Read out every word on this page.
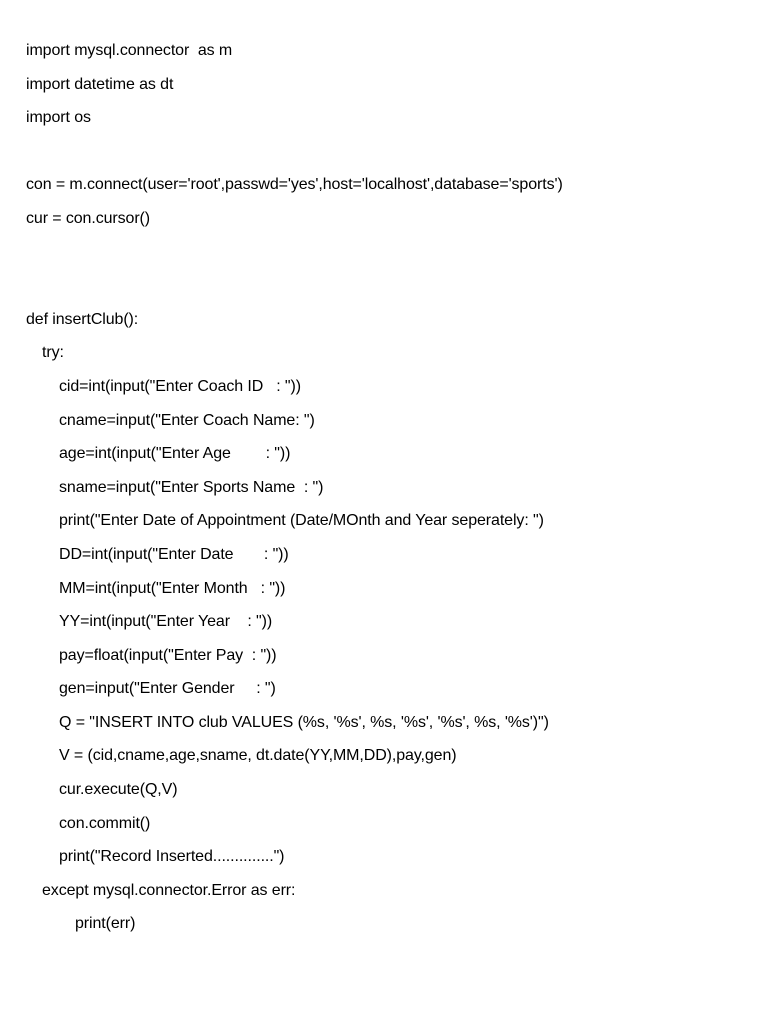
import mysql.connector  as m
import datetime as dt
import os
con = m.connect(user='root',passwd='yes',host='localhost',database='sports')
cur = con.cursor()
def insertClub():
try:
cid=int(input("Enter Coach ID   : "))
cname=input("Enter Coach Name: ")
age=int(input("Enter Age        : "))
sname=input("Enter Sports Name  : ")
print("Enter Date of Appointment (Date/MOnth and Year seperately: ")
DD=int(input("Enter Date       : "))
MM=int(input("Enter Month   : "))
YY=int(input("Enter Year    : "))
pay=float(input("Enter Pay  : "))
gen=input("Enter Gender     : ")
Q = "INSERT INTO club VALUES (%s, '%s', %s, '%s', '%s', %s, '%s')")
V = (cid,cname,age,sname, dt.date(YY,MM,DD),pay,gen)
cur.execute(Q,V)
con.commit()
print("Record Inserted..............")
except mysql.connector.Error as err:
print(err)
